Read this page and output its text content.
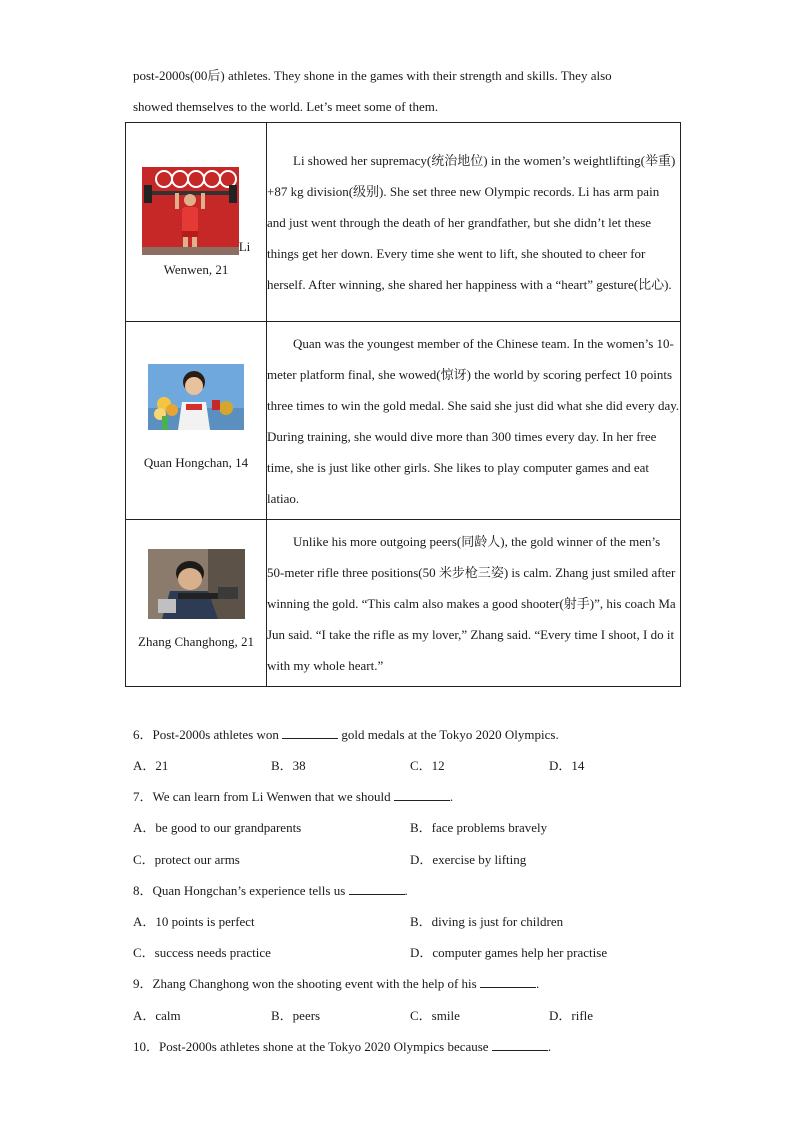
post-2000s(00后) athletes. They shone in the games with their strength and skills. They also
showed themselves to the world. Let’s meet some of them.
Li
Wenwen, 21	Li showed her supremacy(统治地位) in the women’s weightlifting(举重) +87 kg division(级别). She set three new Olympic records. Li has arm pain and just went through the death of her grandfather, but she didn’t let these things get her down. Every time she went to lift, she shouted to cheer for herself. After winning, she shared her happiness with a “heart” gesture(比心).

Quan Hongchan, 14	Quan was the youngest member of the Chinese team. In the women’s 10-meter platform final, she wowed(惊讶) the world by scoring perfect 10 points three times to win the gold medal. She said she just did what she did every day. During training, she would dive more than 300 times every day. In her free time, she is just like other girls. She likes to play computer games and eat latiao.

Zhang Changhong, 21	Unlike his more outgoing peers(同龄人), the gold winner of the men’s 50-meter rifle three positions(50 米步枪三姿) is calm. Zhang just smiled after winning the gold. “This calm also makes a good shooter(射手)”, his coach Ma Jun said. “I take the rifle as my lover,” Zhang said. “Every time I shoot, I do it with my whole heart.”

6．Post-2000s athletes won	gold medals at the Tokyo 2020 Olympics.
A．21	B．38	C．12	D．14
7．We can learn from Li Wenwen that we should	.
A．be good to our grandparents	B．face problems bravely
C．protect our arms	D．exercise by lifting
8．Quan Hongchan’s experience tells us	.
A．10 points is perfect	B．diving is just for children
C．success needs practice	D．computer games help her practise
9．Zhang Changhong won the shooting event with the help of his	.
A．calm	B．peers	C．smile	D．rifle
10．Post-2000s athletes shone at the Tokyo 2020 Olympics because	.
